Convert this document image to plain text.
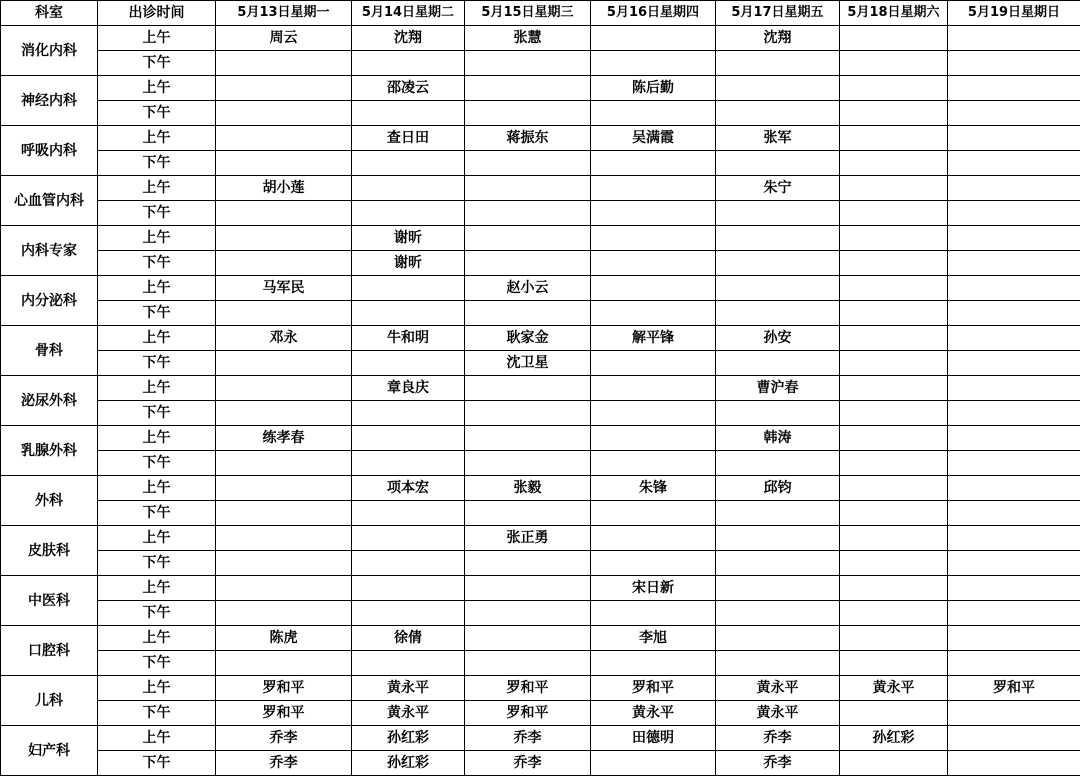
科室	出诊时间	5月13日星期一	5月14日星期二	5月15日星期三	5月16日星期四	5月17日星期五	5月18日星期六	5月19日星期日
消化内科	上午	周云	沈翔	张慧		沈翔		
	下午							
神经内科	上午		邵凌云		陈后勤			
	下午							
呼吸内科	上午		查日田	蒋振东	吴满霞	张军		
	下午							
心血管内科	上午	胡小莲				朱宁		
	下午							
内科专家	上午		谢昕					
	下午		谢昕					
内分泌科	上午	马军民		赵小云				
	下午							
骨科	上午	邓永	牛和明	耿家金	解平锋	孙安		
	下午			沈卫星				
泌尿外科	上午		章良庆			曹沪春		
	下午							
乳腺外科	上午	练孝春				韩涛		
	下午							
外科	上午		项本宏	张毅	朱锋	邱钧		
	下午							
皮肤科	上午			张正勇				
	下午							
中医科	上午				宋日新			
	下午							
口腔科	上午	陈虎	徐倩		李旭			
	下午							
儿科	上午	罗和平	黄永平	罗和平	罗和平	黄永平	黄永平	罗和平
	下午	罗和平	黄永平	罗和平	黄永平	黄永平		
妇产科	上午	乔李	孙红彩	乔李	田德明	乔李	孙红彩	
	下午	乔李	孙红彩	乔李		乔李		
